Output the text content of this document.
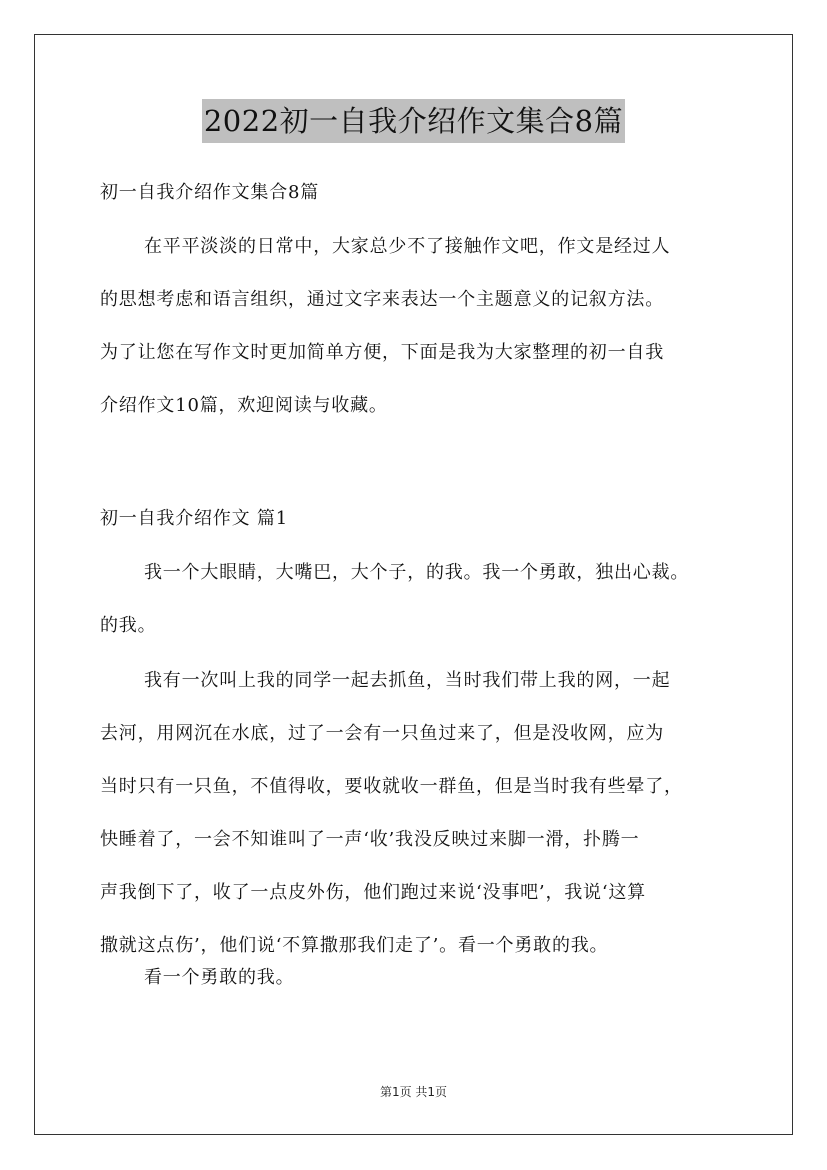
2022初一自我介绍作文集合8篇

初一自我介绍作文集合8篇

在平平淡淡的日常中，大家总少不了接触作文吧，作文是经过人
的思想考虑和语言组织，通过文字来表达一个主题意义的记叙方法。
为了让您在写作文时更加简单方便，下面是我为大家整理的初一自我
介绍作文10篇，欢迎阅读与收藏。

初一自我介绍作文 篇1

我一个大眼睛，大嘴巴，大个子，的我。我一个勇敢，独出心裁。
的我。

我有一次叫上我的同学一起去抓鱼，当时我们带上我的网，一起
去河，用网沉在水底，过了一会有一只鱼过来了，但是没收网，应为
当时只有一只鱼，不值得收，要收就收一群鱼，但是当时我有些晕了，
快睡着了，一会不知谁叫了一声‘收’我没反映过来脚一滑，扑腾一
声我倒下了，收了一点皮外伤，他们跑过来说‘没事吧’，我说‘这算
撒就这点伤’，他们说‘不算撒那我们走了’。看一个勇敢的我。

看一个勇敢的我。

第1页 共1页
